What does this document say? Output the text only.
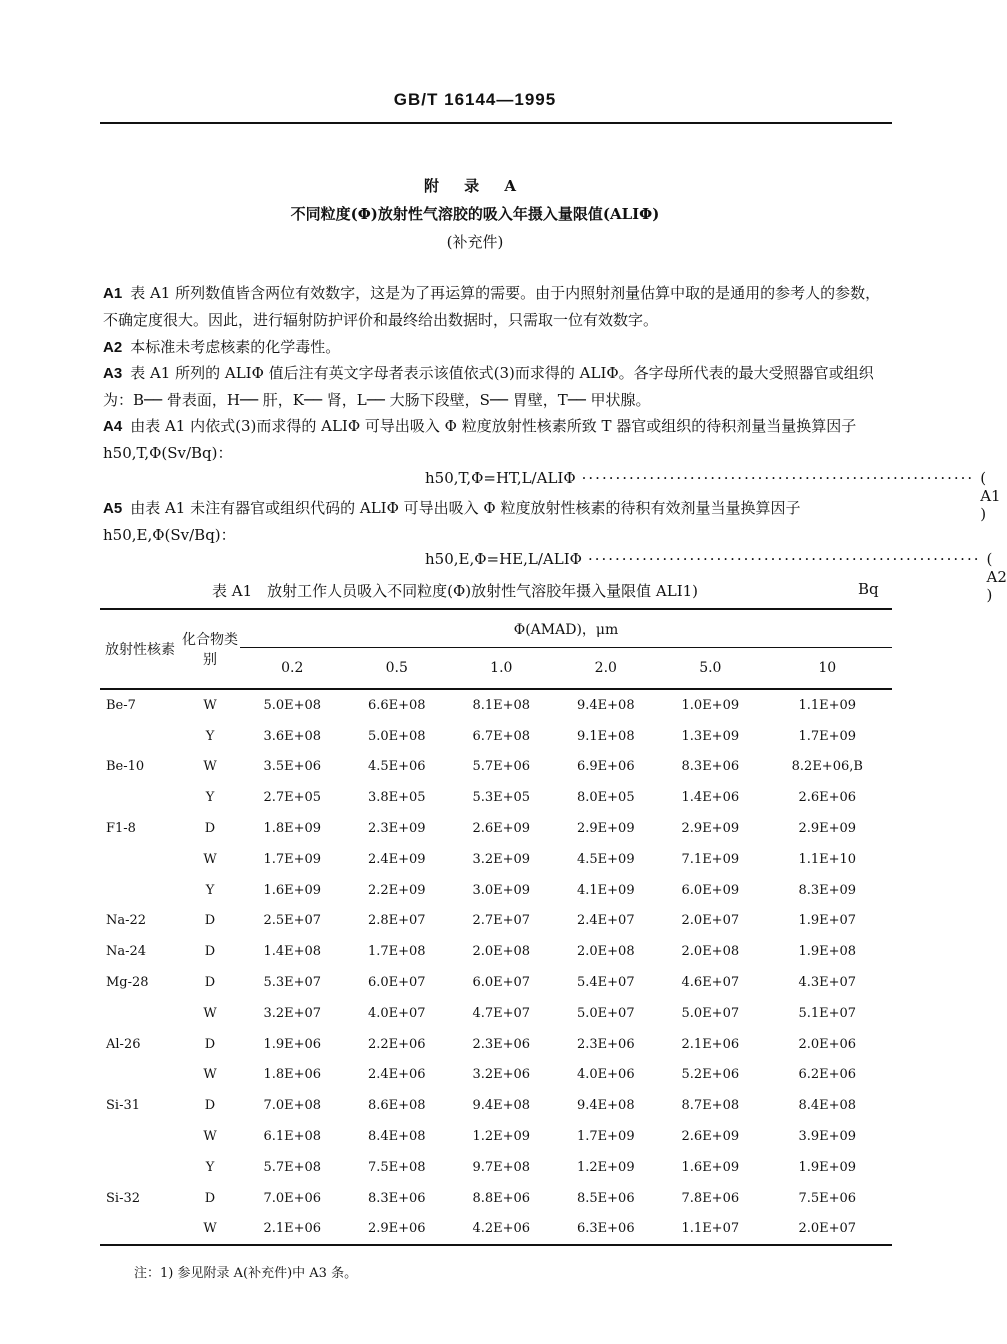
GB/T 16144—1995
附 录 A
不同粒度(Φ)放射性气溶胶的吸入年摄入量限值(ALIΦ)
(补充件)
A1 表 A1 所列数值皆含两位有效数字，这是为了再运算的需要。由于内照射剂量估算中取的是通用的参考人的参数，不确定度很大。因此，进行辐射防护评价和最终给出数据时，只需取一位有效数字。
A2 本标准未考虑核素的化学毒性。
A3 表 A1 所列的 ALIΦ 值后注有英文字母者表示该值依式(3)而求得的 ALIΦ。各字母所代表的最大受照器官或组织为：B── 骨表面，H── 肝，K── 肾，L── 大肠下段壁，S── 胃壁，T── 甲状腺。
A4 由表 A1 内依式(3)而求得的 ALIΦ 可导出吸入 Φ 粒度放射性核素所致 T 器官或组织的待积剂量当量换算因子 h50,T,Φ(Sv/Bq)：
h50,T,Φ=HT,L/ALIΦ ·························································· ( A1 )
A5 由表 A1 未注有器官或组织代码的 ALIΦ 可导出吸入 Φ 粒度放射性核素的待积有效剂量当量换算因子 h50,E,Φ(Sv/Bq)：
h50,E,Φ=HE,L/ALIΦ ·························································· ( A2 )
表 A1　放射工作人员吸入不同粒度(Φ)放射性气溶胶年摄入量限值 ALI1)	Bq
放射性核素	化合物类别	Φ(AMAD)，μm					
		0.2	0.5	1.0	2.0	5.0	10
Be-7	W	5.0E+08	6.6E+08	8.1E+08	9.4E+08	1.0E+09	1.1E+09
	Y	3.6E+08	5.0E+08	6.7E+08	9.1E+08	1.3E+09	1.7E+09
Be-10	W	3.5E+06	4.5E+06	5.7E+06	6.9E+06	8.3E+06	8.2E+06,B
	Y	2.7E+05	3.8E+05	5.3E+05	8.0E+05	1.4E+06	2.6E+06
F1-8	D	1.8E+09	2.3E+09	2.6E+09	2.9E+09	2.9E+09	2.9E+09
	W	1.7E+09	2.4E+09	3.2E+09	4.5E+09	7.1E+09	1.1E+10
	Y	1.6E+09	2.2E+09	3.0E+09	4.1E+09	6.0E+09	8.3E+09
Na-22	D	2.5E+07	2.8E+07	2.7E+07	2.4E+07	2.0E+07	1.9E+07
Na-24	D	1.4E+08	1.7E+08	2.0E+08	2.0E+08	2.0E+08	1.9E+08
Mg-28	D	5.3E+07	6.0E+07	6.0E+07	5.4E+07	4.6E+07	4.3E+07
	W	3.2E+07	4.0E+07	4.7E+07	5.0E+07	5.0E+07	5.1E+07
Al-26	D	1.9E+06	2.2E+06	2.3E+06	2.3E+06	2.1E+06	2.0E+06
	W	1.8E+06	2.4E+06	3.2E+06	4.0E+06	5.2E+06	6.2E+06
Si-31	D	7.0E+08	8.6E+08	9.4E+08	9.4E+08	8.7E+08	8.4E+08
	W	6.1E+08	8.4E+08	1.2E+09	1.7E+09	2.6E+09	3.9E+09
	Y	5.7E+08	7.5E+08	9.7E+08	1.2E+09	1.6E+09	1.9E+09
Si-32	D	7.0E+06	8.3E+06	8.8E+06	8.5E+06	7.8E+06	7.5E+06
	W	2.1E+06	2.9E+06	4.2E+06	6.3E+06	1.1E+07	2.0E+07
注：1) 参见附录 A(补充件)中 A3 条。
